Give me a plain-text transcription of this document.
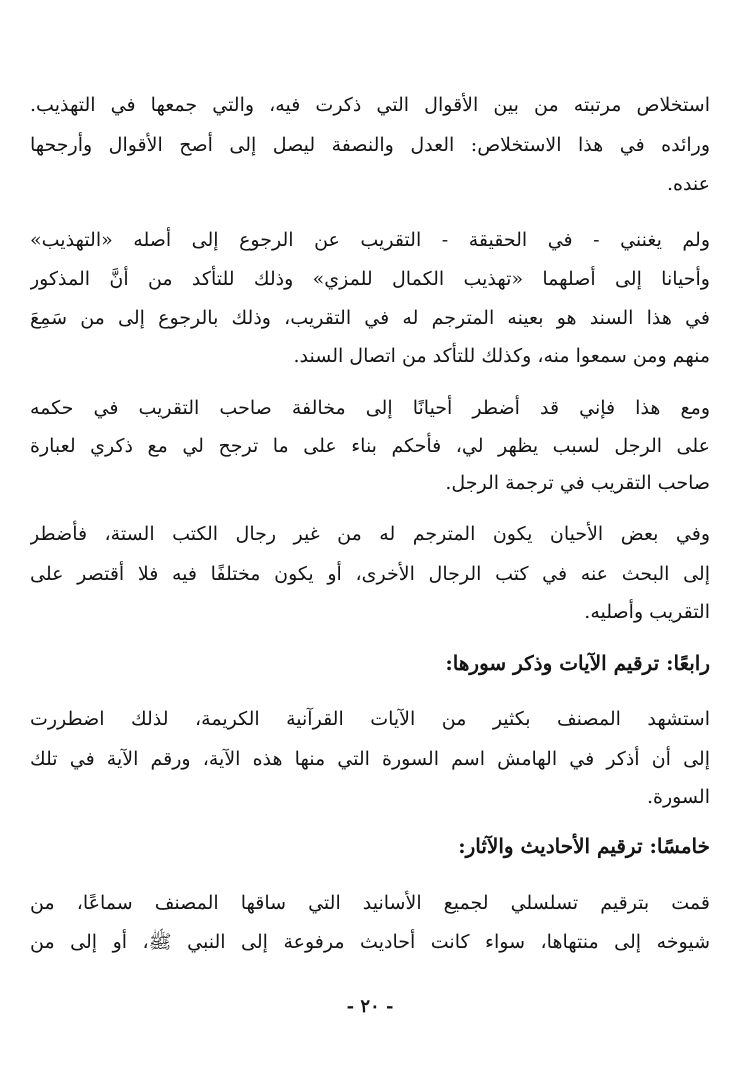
استخلاص مرتبته من بين الأقوال التي ذكرت فيه، والتي جمعها في التهذيب.
ورائده في هذا الاستخلاص: العدل والنصفة ليصل إلى أصح الأقوال وأرجحها
عنده.
ولم يغنني - في الحقيقة - التقريب عن الرجوع إلى أصله «التهذيب»
وأحيانا إلى أصلهما «تهذيب الكمال للمزي» وذلك للتأكد من أنَّ المذكور
في هذا السند هو بعينه المترجم له في التقريب، وذلك بالرجوع إلى من سَمِعَ
منهم ومن سمعوا منه، وكذلك للتأكد من اتصال السند.
ومع هذا فإني قد أضطر أحيانًا إلى مخالفة صاحب التقريب في حكمه
على الرجل لسبب يظهر لي، فأحكم بناء على ما ترجح لي مع ذكري لعبارة
صاحب التقريب في ترجمة الرجل.
وفي بعض الأحيان يكون المترجم له من غير رجال الكتب الستة، فأضطر
إلى البحث عنه في كتب الرجال الأخرى، أو يكون مختلفًا فيه فلا أقتصر على
التقريب وأصليه.
رابعًا: ترقيم الآيات وذكر سورها:
استشهد المصنف بكثير من الآيات القرآنية الكريمة، لذلك اضطررت
إلى أن أذكر في الهامش اسم السورة التي منها هذه الآية، ورقم الآية في تلك
السورة.
خامسًا: ترقيم الأحاديث والآثار:
قمت بترقيم تسلسلي لجميع الأسانيد التي ساقها المصنف سماعًا، من
شيوخه إلى منتهاها، سواء كانت أحاديث مرفوعة إلى النبي ﷺ، أو إلى من
- ٢٠ -
